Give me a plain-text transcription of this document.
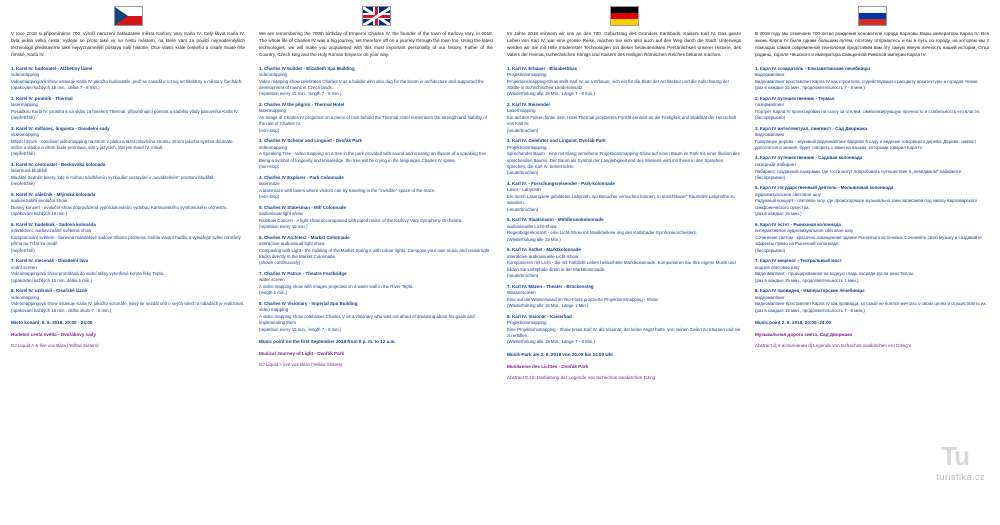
V roce 2018 si připomínáme 700. výročí narození zakladatele města Karlovy Vary Karla IV. Celý škvot Karla IV. byla jedna velká cesta, vydejte se proto také vy na cestu městem, na které vám za pouští nejmodernějších technologií představíme také nejvýznamnější postavu naší historie, Otce vlasti, krále českého a císaře Svaté říše římské, Karla IV.

1. Karel IV. budovatel - Alžbětiny lázně

videomapping

Videomappingová show ostavuje Karla IV. jakožto budovatele, jenž se zasadil o rozvoj architektury a města v Čechách.

(opakování každých 15 min., délka 7 - 8 min.)

2. Karel IV. poutník - Thermal

lasermapping

Posádkou Karla IV. prostíra k na skálu za hotelem Thermal, připomínající pomost a stabilitu vlády panovníka Karla IV.

(nepřetržitě)

3. Karel IV. milfanec, linguista - Divadelní sady

videomapping

Mluvící strom - concílení videomapping na strom v parku a lázní mluvícího stromu. Strom jakožto symbol doutnáte vidíce u vládce a všem bude promluva, stát v jazycích, kterými Karel IV. mluvil.

(nepřetržitě)

4. Karel IV. cestovatel - Beskovská kolonáda

lasernová bludiště

Bludiště bednén lasery, kde si mohou návštěvníci vyzkoušet cestování v „neviditelném“ prostoru bludiště.

(nepřetržitě)

5. Karel IV. válečník - Mlýnská kolonáda

audiovizuální evoluční show

Dunivý koncert - evoluční show doprovázená vyprodukováním výdobou Karlovarského symfonického orchestru.

(opakování každých 10 min.)

6. Karel IV. hudebník - Sadová kolonáda

interaktivní, audiovizuální světelná show

Komponování světlem - barevná mandalové sadové tribuno promena. Světla vlastní hudbu a vytvářejte světe na střelý přímo na Tržní ko oradě

(nepřetržitě)

7. Karel IV. mecenáš - Divadelní láva

vodní screen

Videomappingová show promítaná do vodní stěny vytvořené koryta řeky Tepla.

(opakování každých 15 min. délka 1 min.)

8. Karel IV. uzdravil - Císařské lázně

videomapping

Videomappingová show ostavuje Karla IV. jakožto vizionáře, který se nezdál snít o svých silech a náladách je realizovat.

(opakování každých 15 min., délka okolo 7 - 8 min.)

Místo konání: 8. 9. 2018, 20:00 - 24:00

Hudební cesta světla - Dvořákovy sady

DJ Liquid A & live vox Bára (Yellow Sisters)

We are remembering the 700th birthday of Emperor Charles IV, the founder of the town of Karlovy Vary, in 2018. The whole life of Charles IV was a big journey, set therefore off on a journey through the town too. Using the latest technologies, we will make you acquainted with this most important personality of our history, Father of the Country, Czech king and the Holy Roman Emperor on your way.

1. Charles IV builder - Elizabeth Spa Building

videomapping

Video mapping show celebrates Charles V as a builder who also dug for the boom in architecture and supported the development of towns in Czech lands.

(repetition every 15 min., length 7 - 8 min.)

2. Charles IV the pilgrim - Thermal Hotel

lasermapping

An image of Charles IV projected on a piece of rock behind the Thermal Hotel remembers the strength and stability of the rule of Charles IV.

(non-stop)

3. Charles IV Scholar and Linguist - Dvořák Park

videomapping

A Speaking Tree - video mapping on a tree in the park provided with sound and creating an illusion of a speaking tree. Being a symbol of longevity and knowledge, the tree will be crying in the languages Charles IV spoke.

(non-stop)

4. Charles IV Explorer - Park Colonnade

lasermaze

A lasermaze with lasers where visitors can try traveling in the "invisible" space of the maze.

(non-stop)

5. Charles IV Statesman - Mill Colonnade

audiovisual light show

Rainbow Concert - A light show accompanied with piped music of the Karlovy Vary Symphony Orchestra.

(repetition every 15 min.)

6. Charles IV Architect - Market Colonnade

interactive audiovisual light show

Composing with Light - the building of the Market Spring it with colour lights. Compose your own music and create light tracks directly in the Market Colonnade.

(shown continuously)

7. Charles IV Patron - Theatre Footbridge

water screen

A video mapping show with images projected on a water wall in the River Teplá.

(length 1 min.)

8. Charles IV Visionary - Imperial Spa Building

video mapping

A video mapping show celebrates Charles V as a visionary who was not afraid of dreaming about his goals and implementing them

(repetition every 15 min., length 7 - 8 min.)

Music point on the first September 2018 from 8 p. m. to 12 a.m.

Musical Journey of Light - Dvořák Park

DJ Liquid + live vox Bára (Yellow Sisters)

Im Jahre 2018 erinnern wir uns an den 700. Geburtstag des Gründers Karlsbads, Kaisers Karl IV. Das ganze Leben von Karl IV. war eine grosse Reise, machen Sie sich also auch auf den Weg durch die Stadt. Unterwegs werden wir Sie mit Hilfe modernster Technologien mit dieser bedeutendsten Persönlichkeit unserer Historie, des Vaters der Heimat, tschechischen Königs und Kaisers des Heiligen Römischen Reiches bekannt machen.

1. Karl IV. Erbauer - Elisabethbas

Projektionsmapping

Projektionsmapping-Show stellt Karl IV. as a Erbauer, sich ein für die Blüte der Architektur und die Aufschwung der Städte in tschechischen Ländereinsatz

(Wiederholung alle 15 Min., Länge 7 - 8 min.)

2. Karl IV. Reisender

Lasermapping

Ein auf den Felsen hinter dem Hotel Thermal projiziertes Porträt erinnert an die Festigkeit und Stabilität der Herrschaft von Karl IV.

(unuterbrochen)

3. Karl IV. Gelehrter und Linguist, Dvořák-Park

Projektionsmapping

Sprechender Baum - eine mit Klang versehene Projektionsmapping-Show auf einen Baum im Park mit einer Illusion des sprechenden Baums. Der Baum als Symbol der Langlebigkeit und des Wissens wird mit Ihnen in den Sprachen sprechen, die Karl IV. beherrschte.

(unuterbrochen)

4. Karl IV. - Forschungsreisender - Park-kolonnade

Laser - Labyrinth

Ein durch Laserspiele gebildetes Labyrinth, wo Besucher versuchen können, in unsichtbarer" Raumdes Labyrinths zu wandern.

(unuterbrochen)

5. Karl IV. Staatsmann - Mühlbrunnkolonnade

audiovisuelle Licht-Show

Regenbogenkonzert - eine Licht-Show mit Musikbeilese ung des Karlsbader Symhonieorchesters.

(Wiederholung alle 15 Min.)

6. Karl IV. Ästhet - Marktkolonnade

interaktive audiovisuelle Licht-Show

Komponieren mit Licht - die mit Farblicht Leben belauchtele Marktkolonnade. Komponieren Sie Ihre eigene Musik und bilden Sie Lichtpfade direkt in der Marktkolonnade.

(unuterbrochen)

7. Karl IV. Mäzen - Theater - Brückensteg

Wasserscreen

Eine auf die Wasserwand im Teo-Fluss projizierte Projektionsmapping - Show.

(Wiederholung alle 15 Min., Länge 1 Min.)

8. Karl IV. Visionär - Kaiserbad

Projektionsmapping

Eine Projektionsmapping - Show preist Karl IV. als Visionär, der keine Angst hatte, von seinen Zielen zu träumen und sie zu erfüllen.

(Wiederholung alle 15 Min., Länge 7 - 8 Min.)

Musik-Park am 2. 9. 2018 von 20.00 bis 24.00 Uhr

Musikreise des Lichtes - Dvořák Park

Abstract DJ in Darbietung der Legende von tschechos owakischen DJing

В 2018 году мы отмечаем 700-летие рождения основателя города Карловы Вары императора Карла IV. Вся жизнь Карла IV была одним большим путём, поэтому отправьтесь и вы в путь по городу, на котором мы с помощью самой современной технологии представим вам эту самую явную личность нашей истории, Отца родины, короля Чешского и императора Священной Римской империи Карла IV.

1. Карл IV созидатель - Елизаветинские лечебницы

видеомаппинг

Видеомаппинг проставляет Карла IV как строителя, содействующего расцвету архитектуры и городов Чехии.

(раз в каждые 15 мин., продолжительность 7 - 8 мин.)

2. Карл IV путешественник - Термал

лазермаппинг

Портрет Карла IV проектирован на скалу за отелем, символизирующую прочность и стабильность его власти.

(беспрерывно)

3. Карл IV интеллектуал, лингвист - Сад Дворжака

видеомаппинг

Говорящее дерево - звуковый видеомаппинг вдерево в саду и видение говорящего дерева. Дерево, символ долголетия и знания, будет говорить с вами на языках, которыми говорил Карл IV.

4. Карл IV путешественник - Садовая колоннада

лазерный лабиринт

Лабиринт, созданный лазерами, где гости могут попробовать путешествие в „невидимом“ лабиринте.

(беспрерывно)

5. Карл IV государственный деятель - Мельничная колоннада

аудиовизуальное световое шоу

Радужный концерт - световое шоу, где происходящее музыкально зани записаная под заказу Карловарского симфонического оркестра.

(раз в каждые 15 мин.)

6. Карл IV эстет - Рыночная колоннада

интерактивное аудиовизуальное световое шоу

Сочинение светом - красочно освещенная здание Рыночного источника. Сочиняйте свою музыку и создавайте эффекты прямо на Рыночной колоннаде.

(беспрерывно)

7. Карл IV меценат - Театральный мост

водное световое шоу

Видеомаппинг - проецированная на водную гладь посреди русла реки Теплы.

(раз в каждые 15 мин., продолжительность 1 мин.)

8. Карл IV провидец - Императорские лечебницы

видеомаппинг

Видеомаппинг проставляет Карла IV как провидца, который не боялся мечтать о своих целях и осуществлять их.

(раз в каждые 15 мин., продолжительность 7 - 8 мин.)

Music point 2. 9. 2018, 20:00 -24:00

Музыкальная дорога света, Сад Дворжака

Abstract dj в исполнении dj Legende von tschechos owakischen ero DJing'a

Tu
turistika.cz
